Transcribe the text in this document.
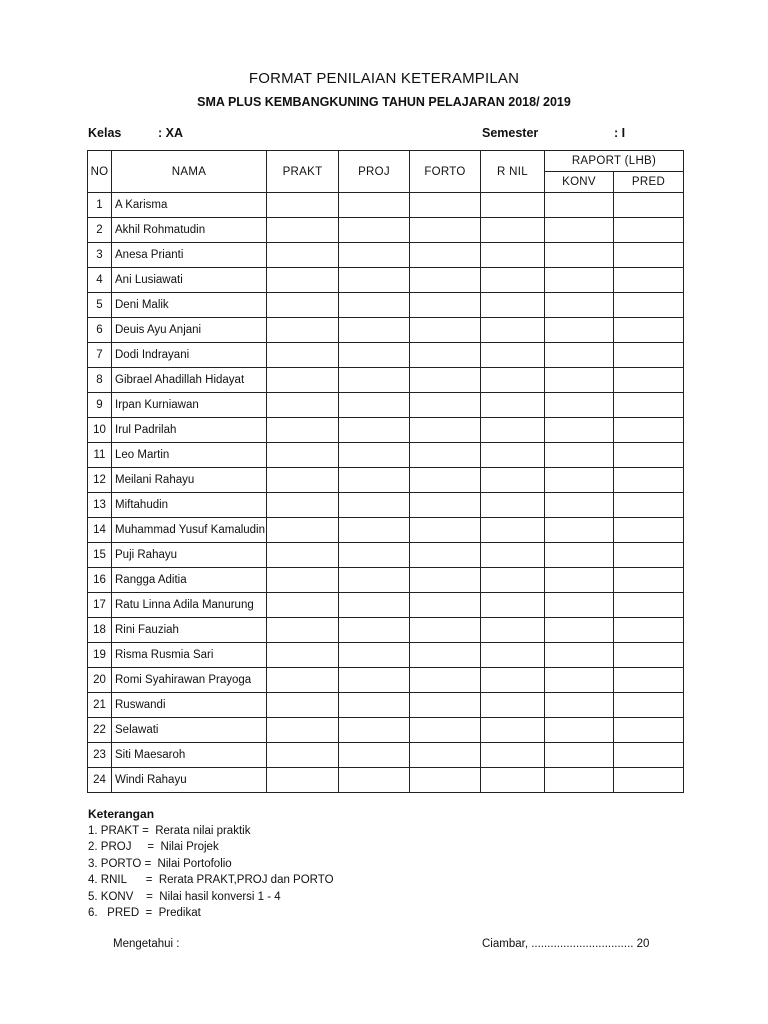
FORMAT PENILAIAN KETERAMPILAN
SMA PLUS KEMBANGKUNING TAHUN PELAJARAN 2018/ 2019
Kelas	: XA	Semester	: I
NO	NAMA	PRAKT	PROJ	FORTO	R NIL	RAPORT (LHB)	
						KONV	PRED
1	A Karisma						
2	Akhil Rohmatudin						
3	Anesa Prianti						
4	Ani Lusiawati						
5	Deni Malik						
6	Deuis Ayu Anjani						
7	Dodi Indrayani						
8	Gibrael Ahadillah Hidayat						
9	Irpan Kurniawan						
10	Irul Padrilah						
11	Leo Martin						
12	Meilani Rahayu						
13	Miftahudin						
14	Muhammad Yusuf Kamaludin						
15	Puji Rahayu						
16	Rangga Aditia						
17	Ratu Linna Adila Manurung						
18	Rini Fauziah						
19	Risma Rusmia Sari						
20	Romi Syahirawan Prayoga						
21	Ruswandi						
22	Selawati						
23	Siti Maesaroh						
24	Windi Rahayu						
Keterangan
1. PRAKT =  Rerata nilai praktik
2. PROJ     =  Nilai Projek
3. PORTO =  Nilai Portofolio
4. RNIL      =  Rerata PRAKT,PROJ dan PORTO
5. KONV    =  Nilai hasil konversi 1 - 4
6.   PRED  =  Predikat
Mengetahui :	Ciambar, ................................ 20
